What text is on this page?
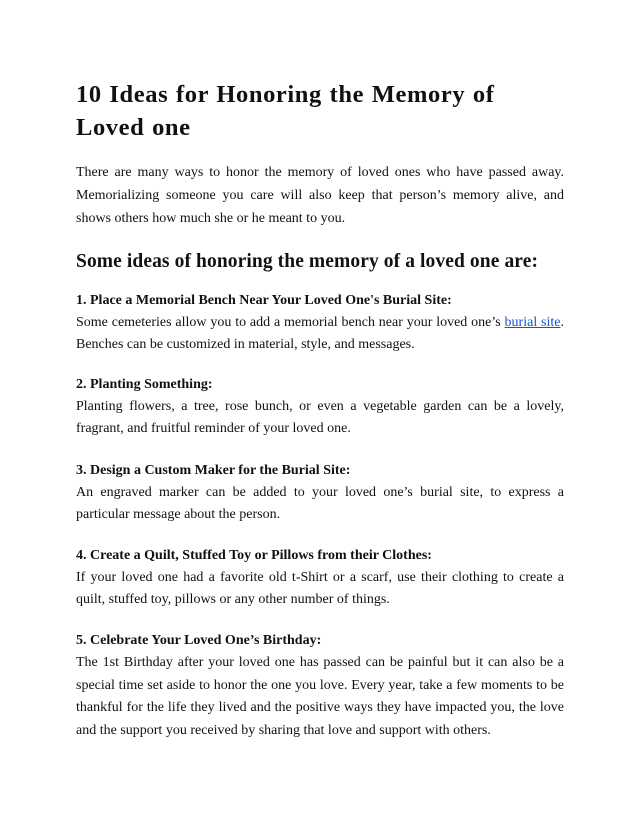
10 Ideas for Honoring the Memory of Loved one

There are many ways to honor the memory of loved ones who have passed away. Memorializing someone you care will also keep that person’s memory alive, and shows others how much she or he meant to you.

Some ideas of honoring the memory of a loved one are:

1. Place a Memorial Bench Near Your Loved One's Burial Site:
Some cemeteries allow you to add a memorial bench near your loved one’s burial site. Benches can be customized in material, style, and messages.

2. Planting Something:
Planting flowers, a tree, rose bunch, or even a vegetable garden can be a lovely, fragrant, and fruitful reminder of your loved one.

3. Design a Custom Maker for the Burial Site:
An engraved marker can be added to your loved one’s burial site, to express a particular message about the person.

4. Create a Quilt, Stuffed Toy or Pillows from their Clothes:
If your loved one had a favorite old t-Shirt or a scarf, use their clothing to create a quilt, stuffed toy, pillows or any other number of things.

5. Celebrate Your Loved One’s Birthday:
The 1st Birthday after your loved one has passed can be painful but it can also be a special time set aside to honor the one you love. Every year, take a few moments to be thankful for the life they lived and the positive ways they have impacted you, the love and the support you received by sharing that love and support with others.
